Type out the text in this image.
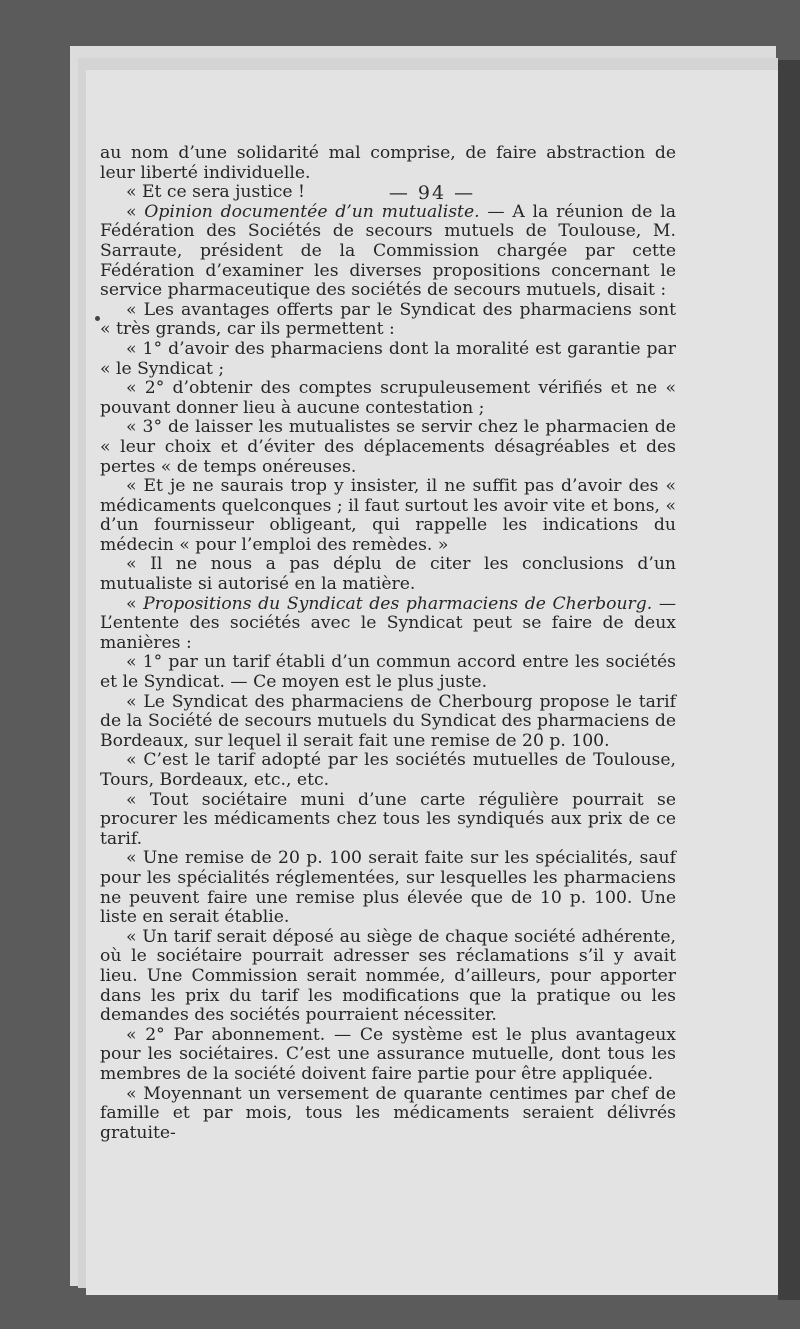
— 94 —

au nom d’une solidarité mal comprise, de faire abstraction de leur liberté individuelle.

« Et ce sera justice !

« Opinion documentée d’un mutualiste. — A la réunion de la Fédération des Sociétés de secours mutuels de Toulouse, M. Sarraute, président de la Commission chargée par cette Fédération d’examiner les diverses propositions concernant le service pharmaceutique des sociétés de secours mutuels, disait :

« Les avantages offerts par le Syndicat des pharmaciens sont « très grands, car ils permettent :

« 1° d’avoir des pharmaciens dont la moralité est garantie par « le Syndicat ;

« 2° d’obtenir des comptes scrupuleusement vérifiés et ne « pouvant donner lieu à aucune contestation ;

« 3° de laisser les mutualistes se servir chez le pharmacien de « leur choix et d’éviter des déplacements désagréables et des pertes « de temps onéreuses.

« Et je ne saurais trop y insister, il ne suffit pas d’avoir des « médicaments quelconques ; il faut surtout les avoir vite et bons, « d’un fournisseur obligeant, qui rappelle les indications du médecin « pour l’emploi des remèdes. »

« Il ne nous a pas déplu de citer les conclusions d’un mutualiste si autorisé en la matière.

« Propositions du Syndicat des pharmaciens de Cherbourg. — L’entente des sociétés avec le Syndicat peut se faire de deux manières :

« 1° par un tarif établi d’un commun accord entre les sociétés et le Syndicat. — Ce moyen est le plus juste.

« Le Syndicat des pharmaciens de Cherbourg propose le tarif de la Société de secours mutuels du Syndicat des pharmaciens de Bordeaux, sur lequel il serait fait une remise de 20 p. 100.

« C’est le tarif adopté par les sociétés mutuelles de Toulouse, Tours, Bordeaux, etc., etc.

« Tout sociétaire muni d’une carte régulière pourrait se procurer les médicaments chez tous les syndiqués aux prix de ce tarif.

« Une remise de 20 p. 100 serait faite sur les spécialités, sauf pour les spécialités réglementées, sur lesquelles les pharmaciens ne peuvent faire une remise plus élevée que de 10 p. 100. Une liste en serait établie.

« Un tarif serait déposé au siège de chaque société adhérente, où le sociétaire pourrait adresser ses réclamations s’il y avait lieu. Une Commission serait nommée, d’ailleurs, pour apporter dans les prix du tarif les modifications que la pratique ou les demandes des sociétés pourraient nécessiter.

« 2° Par abonnement. — Ce système est le plus avantageux pour les sociétaires. C’est une assurance mutuelle, dont tous les membres de la société doivent faire partie pour être appliquée.

« Moyennant un versement de quarante centimes par chef de famille et par mois, tous les médicaments seraient délivrés gratuite-
